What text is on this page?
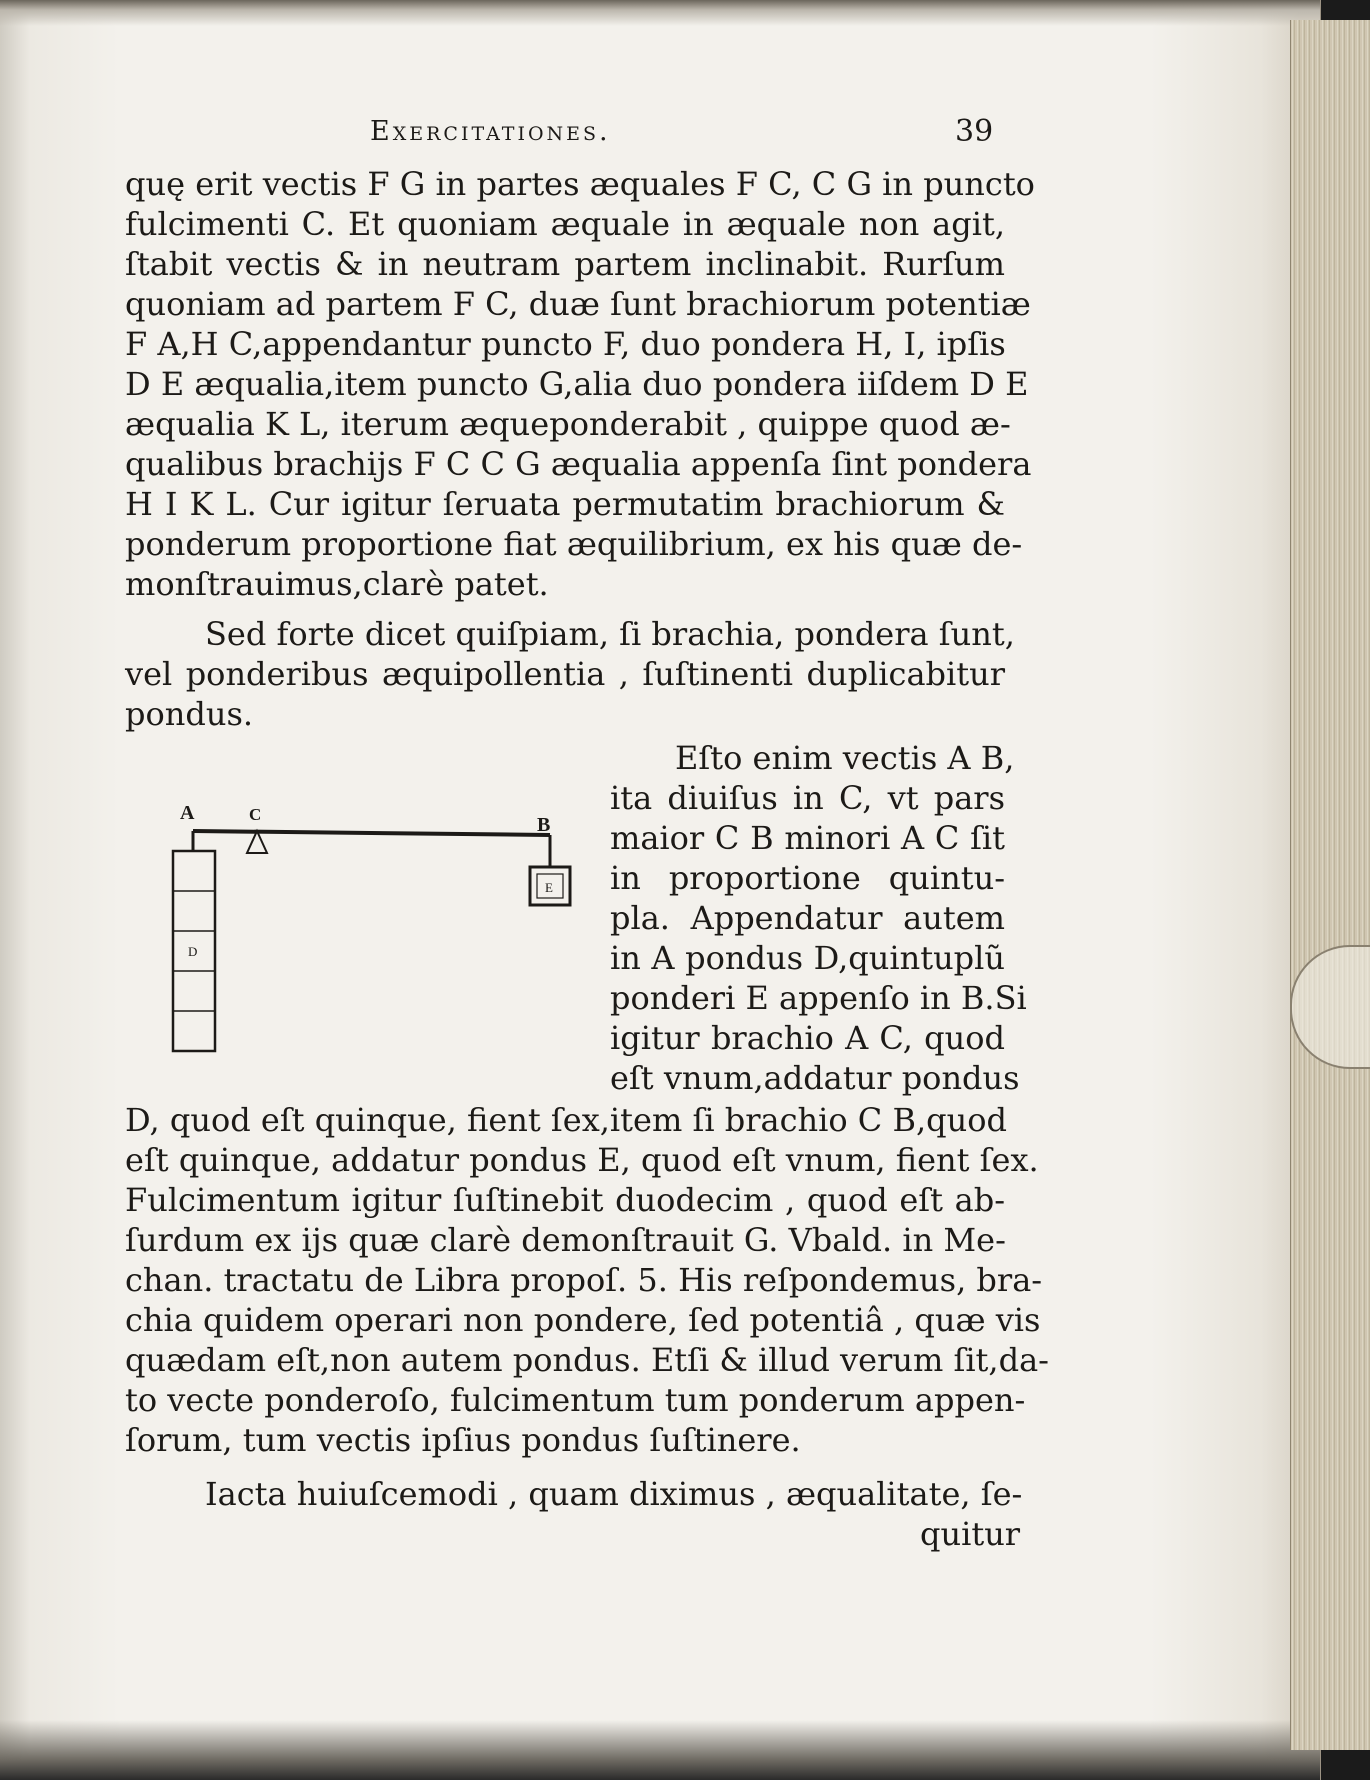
Exercitationes.	39
quę erit vectis F G in partes æquales F C, C G in puncto
fulcimenti C. Et quoniam æquale in æquale non agit,
ſtabit vectis & in neutram partem inclinabit. Rurſum
quoniam ad partem F C, duæ ſunt brachiorum potentiæ
F A,H C,appendantur puncto F, duo pondera H, I, ipſis
D E æqualia,item puncto G,alia duo pondera iiſdem D E
æqualia K L, iterum æqueponderabit , quippe quod æ-
qualibus brachijs F C C G æqualia appenſa ſint pondera
H I K L. Cur igitur ſeruata permutatim brachiorum &
ponderum proportione fiat æquilibrium, ex his quæ de-
monſtrauimus,clarè patet.
Sed forte dicet quiſpiam, ſi brachia, pondera ſunt,
vel ponderibus æquipollentia , ſuſtinenti duplicabitur
pondus.
Eſto enim vectis A B,
ita diuiſus in C, vt pars
maior C B minori A C ſit
in proportione quintu-
pla. Appendatur autem
in A pondus D,quintuplũ
ponderi E appenſo in B.Si
igitur brachio A C, quod
eſt vnum,addatur pondus
A	C	B
D
E
D, quod eſt quinque, fient ſex,item ſi brachio C B,quod
eſt quinque, addatur pondus E, quod eſt vnum, fient ſex.
Fulcimentum igitur ſuſtinebit duodecim , quod eſt ab-
ſurdum ex ijs quæ clarè demonſtrauit G. Vbald. in Me-
chan. tractatu de Libra propoſ. 5. His reſpondemus, bra-
chia quidem operari non pondere, ſed potentiâ , quæ vis
quædam eſt,non autem pondus. Etſi & illud verum ſit,da-
to vecte ponderoſo, fulcimentum tum ponderum appen-
ſorum, tum vectis ipſius pondus ſuſtinere.
Iacta huiuſcemodi , quam diximus , æqualitate, ſe-
quitur
